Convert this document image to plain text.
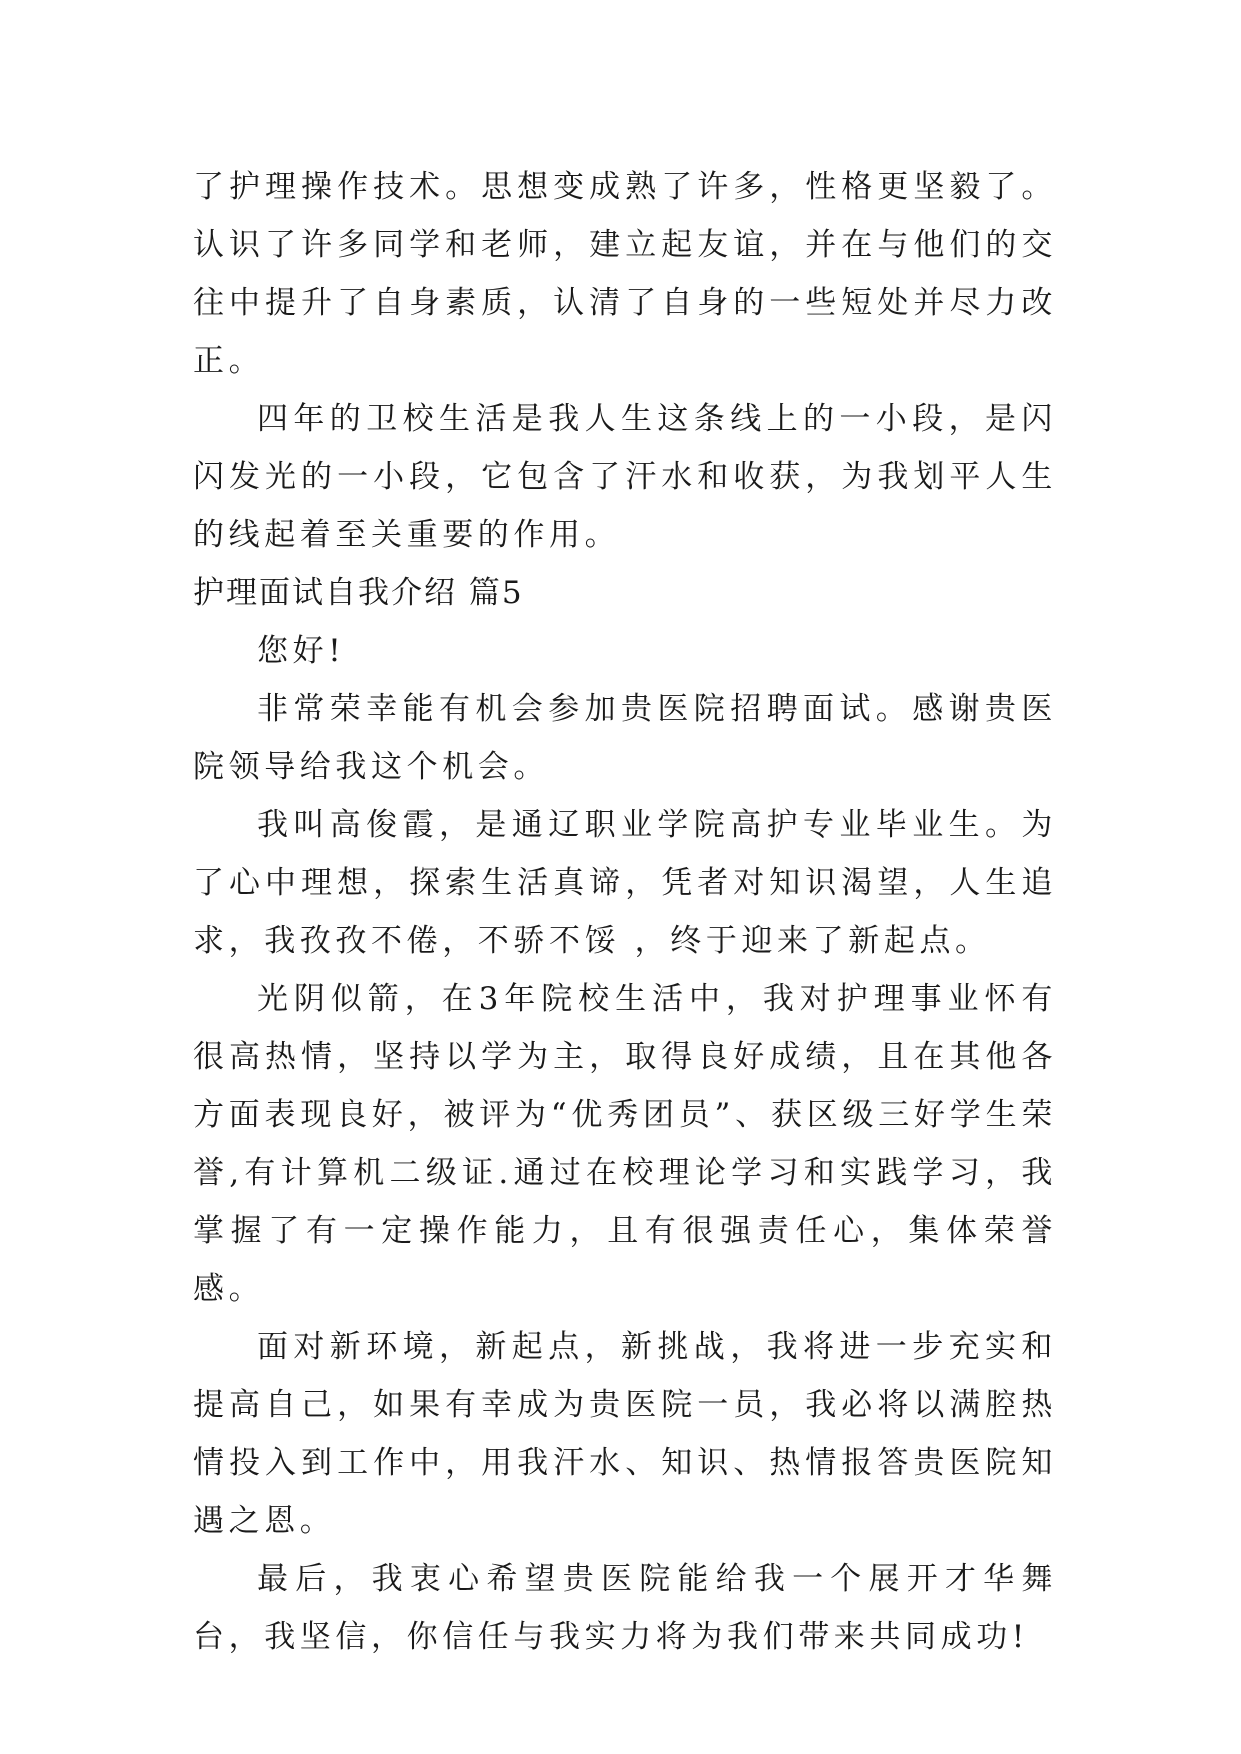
了护理操作技术。思想变成熟了许多，性格更坚毅了。认识了许多同学和老师，建立起友谊，并在与他们的交往中提升了自身素质，认清了自身的一些短处并尽力改正。

四年的卫校生活是我人生这条线上的一小段，是闪闪发光的一小段，它包含了汗水和收获，为我划平人生的线起着至关重要的作用。

护理面试自我介绍 篇5

您好!

非常荣幸能有机会参加贵医院招聘面试。感谢贵医院领导给我这个机会。

我叫高俊霞，是通辽职业学院高护专业毕业生。为了心中理想，探索生活真谛，凭者对知识渴望，人生追求，我孜孜不倦，不骄不馁 ，终于迎来了新起点。

光阴似箭，在3年院校生活中，我对护理事业怀有很高热情，坚持以学为主，取得良好成绩，且在其他各方面表现良好，被评为“优秀团员”、获区级三好学生荣誉,有计算机二级证.通过在校理论学习和实践学习，我掌握了有一定操作能力，且有很强责任心，集体荣誉感。

面对新环境，新起点，新挑战，我将进一步充实和提高自己，如果有幸成为贵医院一员，我必将以满腔热情投入到工作中，用我汗水、知识、热情报答贵医院知遇之恩。

最后，我衷心希望贵医院能给我一个展开才华舞台，我坚信，你信任与我实力将为我们带来共同成功!
